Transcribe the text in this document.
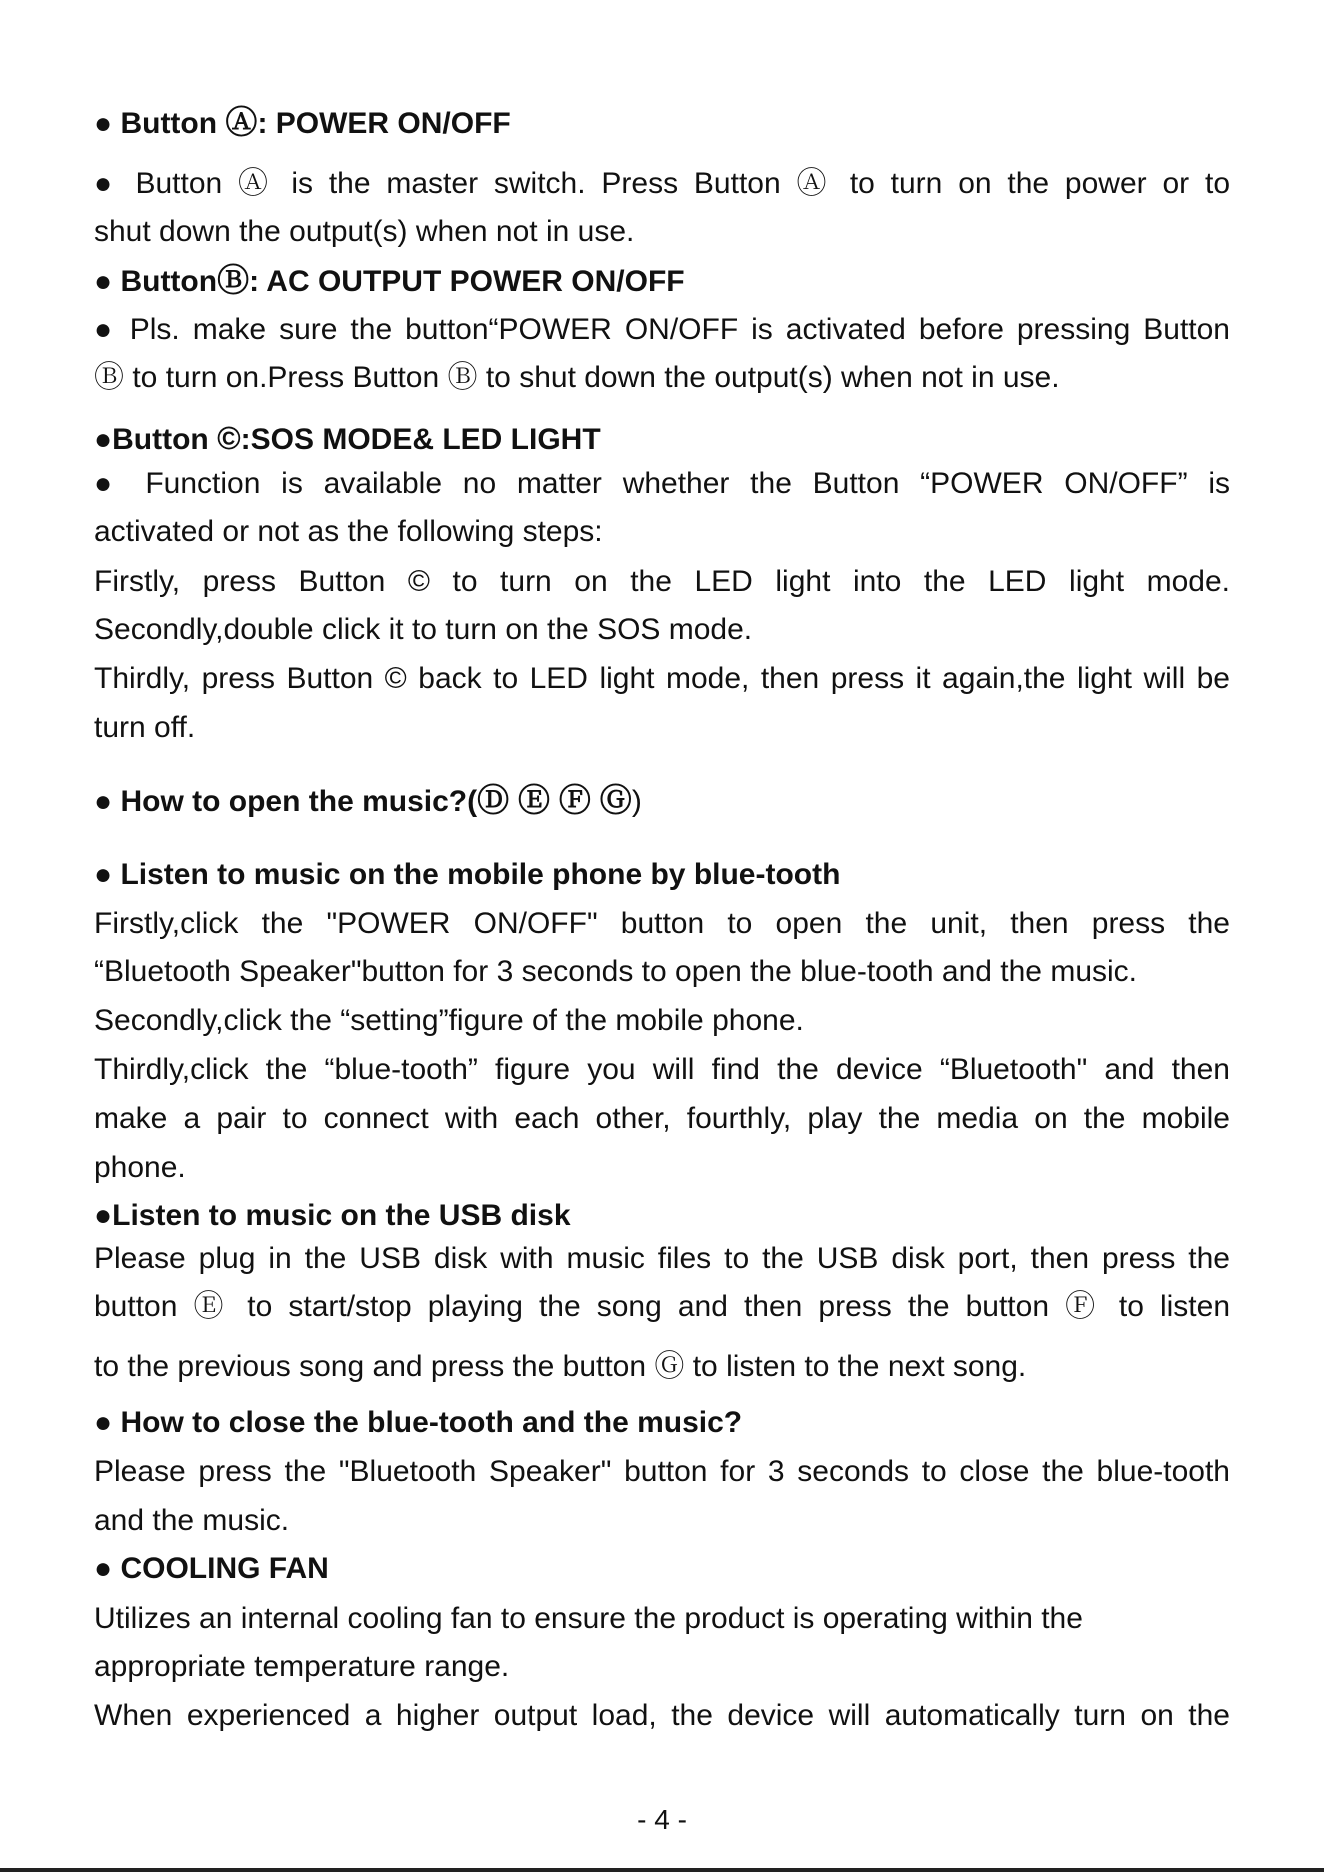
● Button Ⓐ: POWER ON/OFF
● Button Ⓐ is the master switch. Press Button Ⓐ to turn on the power or to
shut down the output(s) when not in use.
● ButtonⒷ: AC OUTPUT POWER ON/OFF
● Pls. make sure the button“POWER ON/OFF is activated before pressing Button
Ⓑ to turn on.Press Button Ⓑ to shut down the output(s) when not in use.
●Button ©:SOS MODE& LED LIGHT
● Function is available no matter whether the Button “POWER ON/OFF” is
activated or not as the following steps:
Firstly, press Button © to turn on the LED light into the LED light mode.
Secondly,double click it to turn on the SOS mode.
Thirdly, press Button © back to LED light mode, then press it again,the light will be
turn off.
● How to open the music?(Ⓓ Ⓔ Ⓕ Ⓖ)
● Listen to music on the mobile phone by blue-tooth
Firstly,click the "POWER ON/OFF" button to open the unit, then press the
“Bluetooth Speaker"button for 3 seconds to open the blue-tooth and the music.
Secondly,click the “setting”figure of the mobile phone.
Thirdly,click the “blue-tooth” figure you will find the device “Bluetooth" and then
make a pair to connect with each other, fourthly, play the media on the mobile
phone.
●Listen to music on the USB disk
Please plug in the USB disk with music files to the USB disk port, then press the
button Ⓔ to start/stop playing the song and then press the button Ⓕ to listen
to the previous song and press the button Ⓖ to listen to the next song.
● How to close the blue-tooth and the music?
Please press the "Bluetooth Speaker" button for 3 seconds to close the blue-tooth
and the music.
● COOLING FAN
Utilizes an internal cooling fan to ensure the product is operating within the
appropriate temperature range.
When experienced a higher output load, the device will automatically turn on the
- 4 -
